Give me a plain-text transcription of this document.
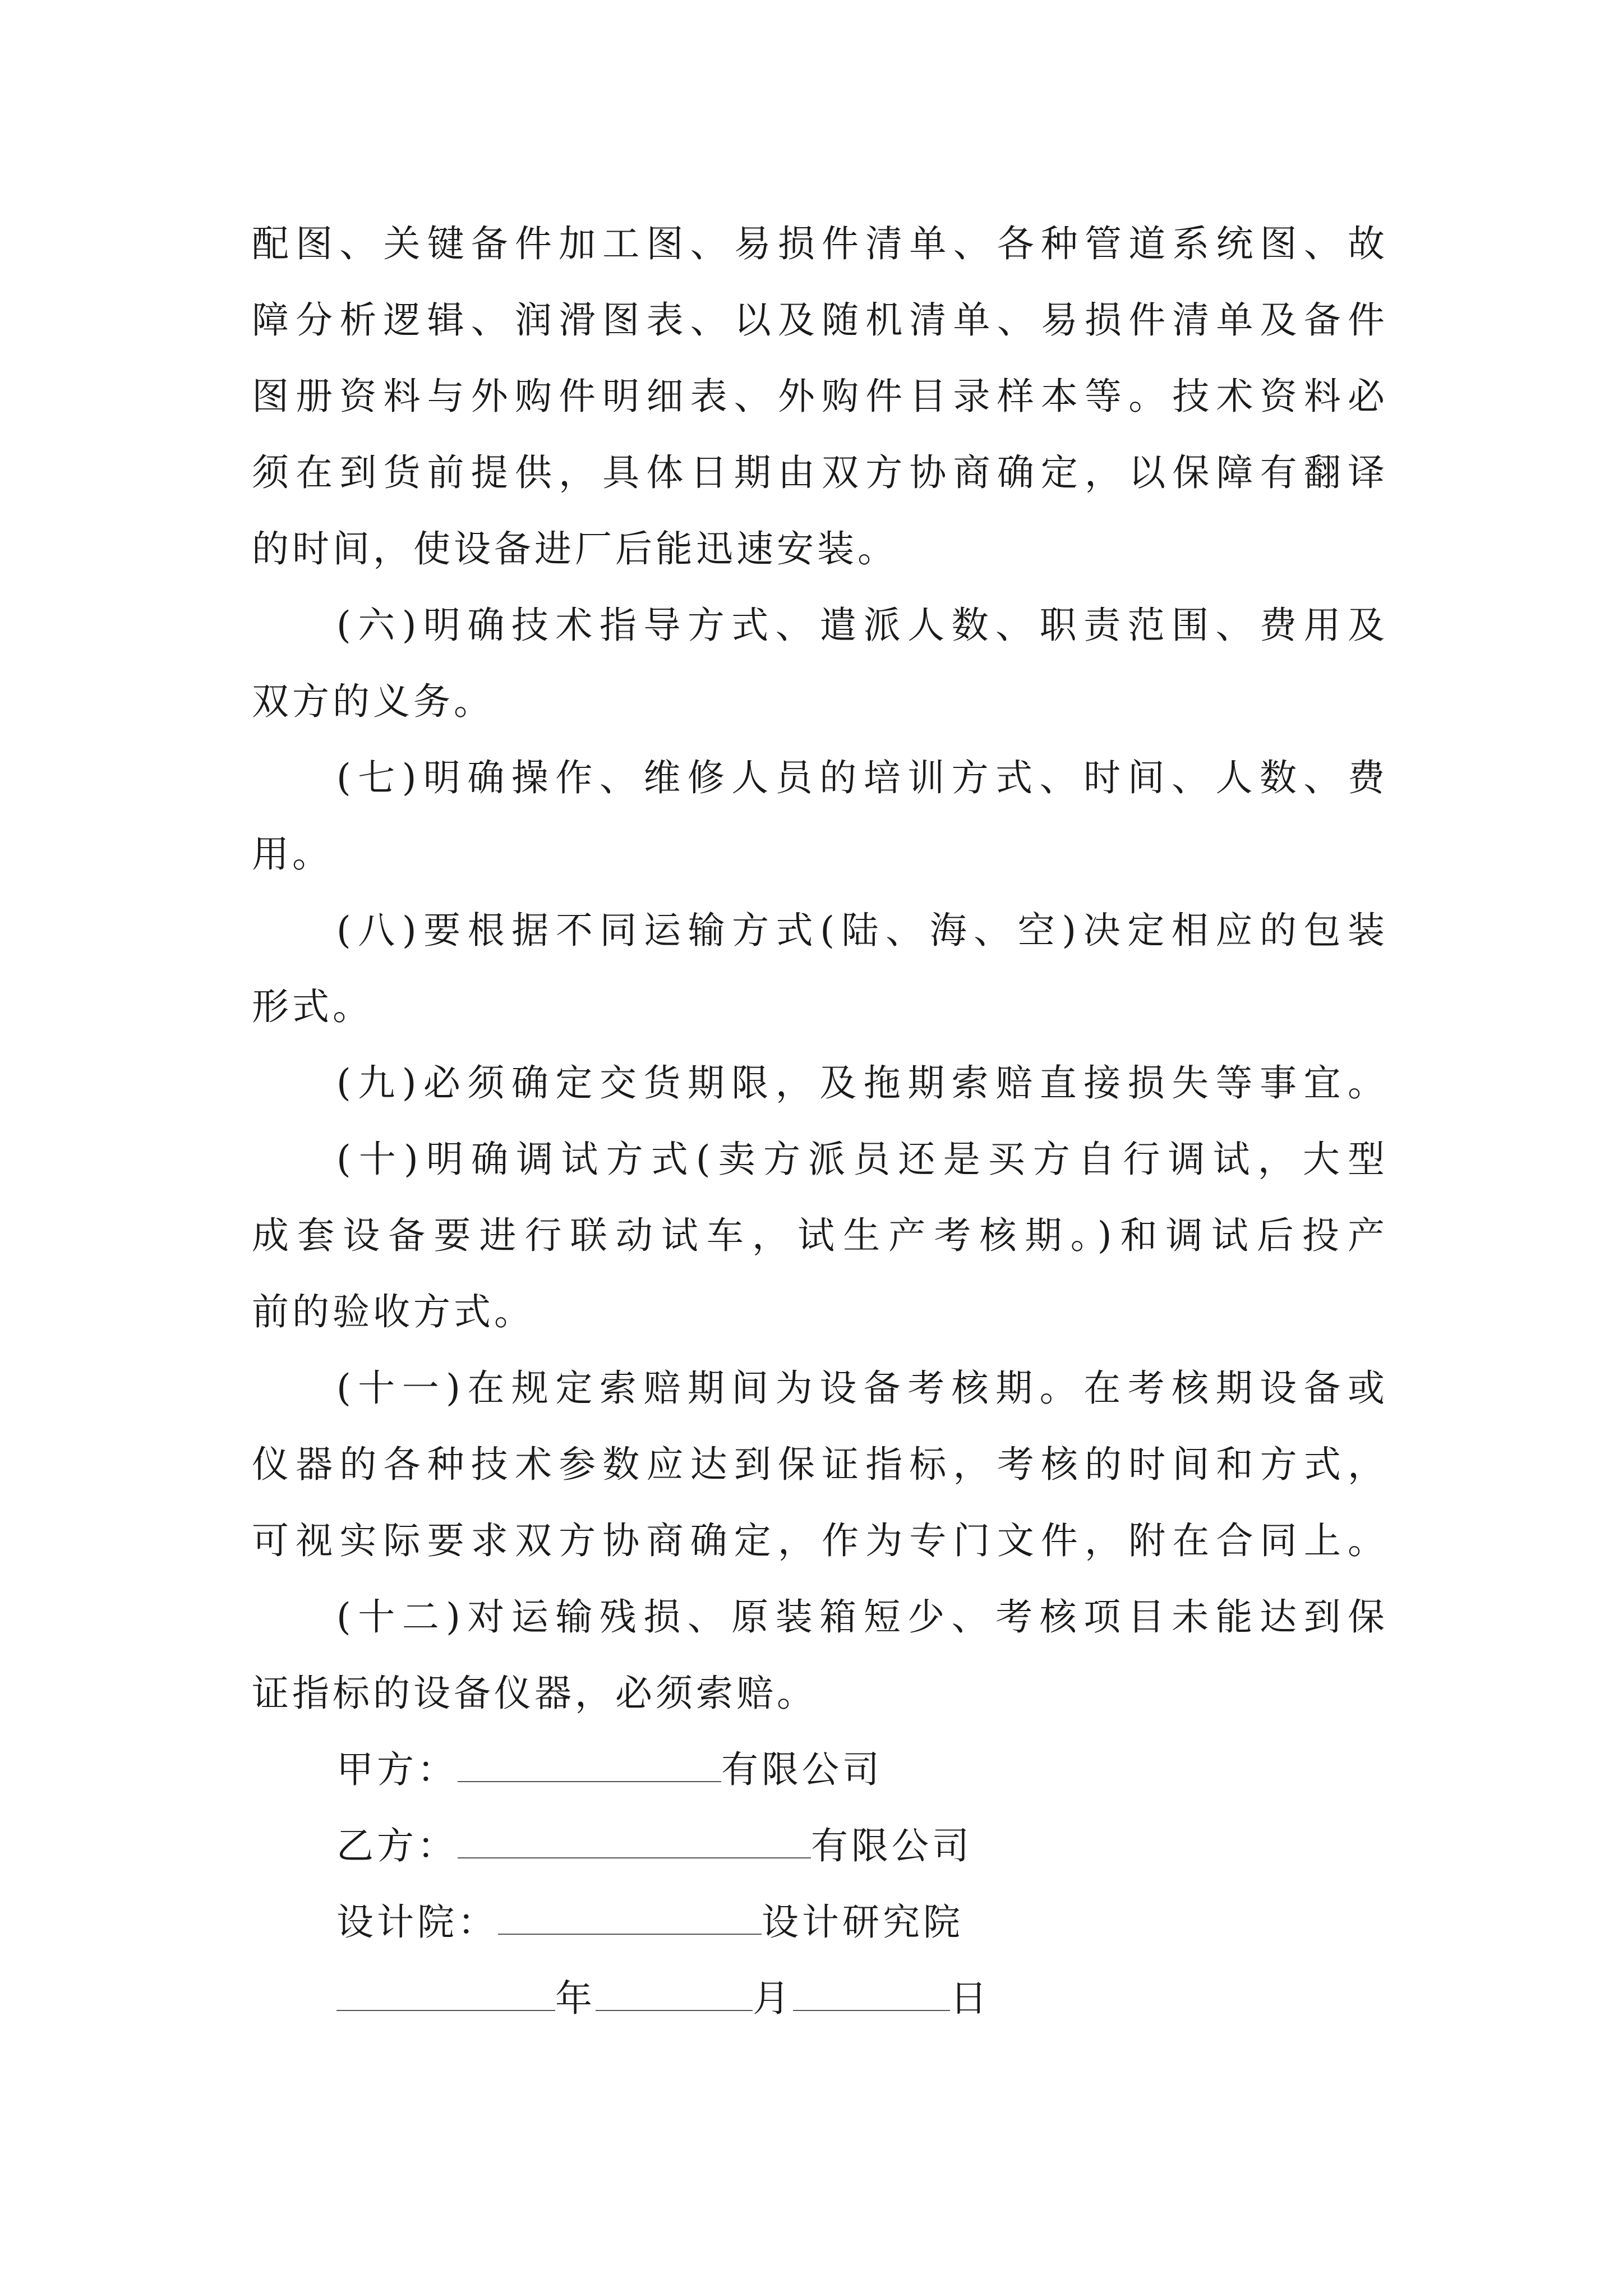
配图、关键备件加工图、易损件清单、各种管道系统图、故
障分析逻辑、润滑图表、以及随机清单、易损件清单及备件
图册资料与外购件明细表、外购件目录样本等。技术资料必
须在到货前提供，具体日期由双方协商确定，以保障有翻译
的时间，使设备进厂后能迅速安装。
(六)明确技术指导方式、遣派人数、职责范围、费用及
双方的义务。
(七)明确操作、维修人员的培训方式、时间、人数、费
用。
(八)要根据不同运输方式(陆、海、空)决定相应的包装
形式。
(九)必须确定交货期限，及拖期索赔直接损失等事宜。
(十)明确调试方式(卖方派员还是买方自行调试，大型
成套设备要进行联动试车，试生产考核期。)和调试后投产
前的验收方式。
(十一)在规定索赔期间为设备考核期。在考核期设备或
仪器的各种技术参数应达到保证指标，考核的时间和方式，
可视实际要求双方协商确定，作为专门文件，附在合同上。
(十二)对运输残损、原装箱短少、考核项目未能达到保
证指标的设备仪器，必须索赔。
甲方：	有限公司
乙方：	有限公司
设计院：	设计研究院
年	月	日
